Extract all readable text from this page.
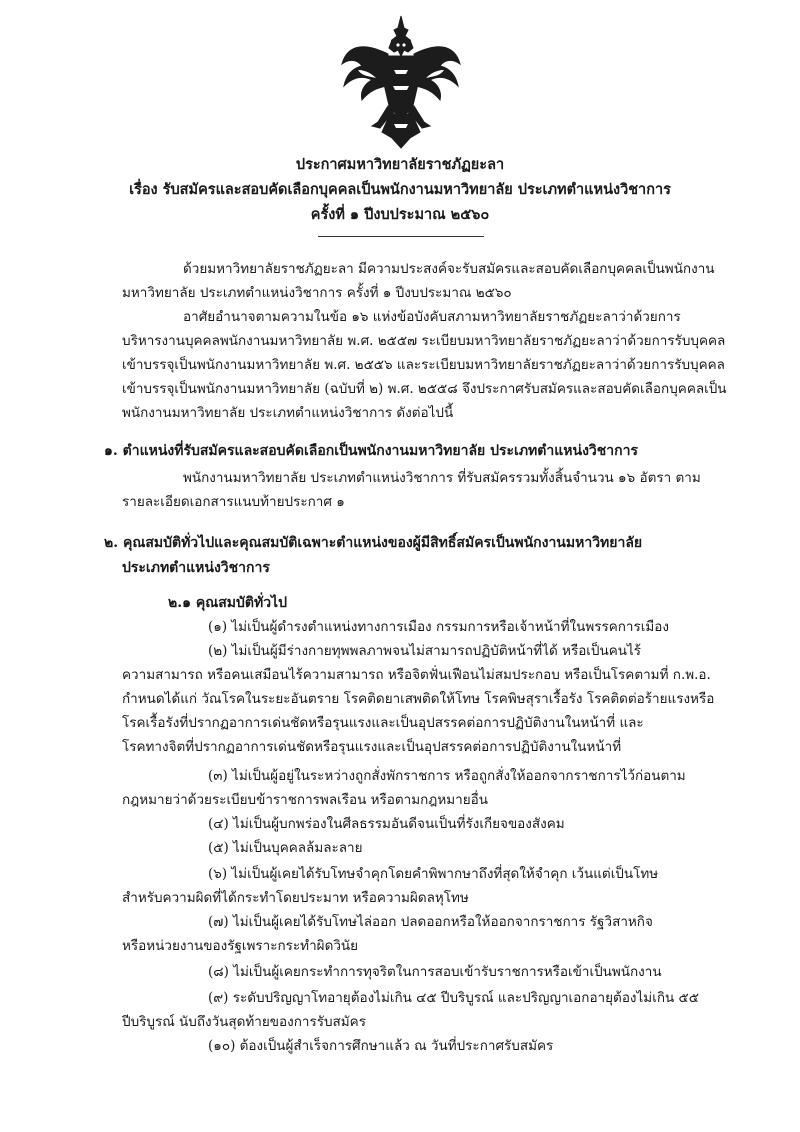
ประกาศมหาวิทยาลัยราชภัฏยะลา
เรื่อง รับสมัครและสอบคัดเลือกบุคคลเป็นพนักงานมหาวิทยาลัย ประเภทตำแหน่งวิชาการ
ครั้งที่ ๑ ปีงบประมาณ ๒๕๖๐
ด้วยมหาวิทยาลัยราชภัฏยะลา มีความประสงค์จะรับสมัครและสอบคัดเลือกบุคคลเป็นพนักงาน
มหาวิทยาลัย ประเภทตำแหน่งวิชาการ ครั้งที่ ๑ ปีงบประมาณ ๒๕๖๐
อาศัยอำนาจตามความในข้อ ๑๖ แห่งข้อบังคับสภามหาวิทยาลัยราชภัฏยะลาว่าด้วยการ
บริหารงานบุคคลพนักงานมหาวิทยาลัย พ.ศ. ๒๕๕๗ ระเบียบมหาวิทยาลัยราชภัฏยะลาว่าด้วยการรับบุคคล
เข้าบรรจุเป็นพนักงานมหาวิทยาลัย พ.ศ. ๒๕๕๖ และระเบียบมหาวิทยาลัยราชภัฏยะลาว่าด้วยการรับบุคคล
เข้าบรรจุเป็นพนักงานมหาวิทยาลัย (ฉบับที่ ๒) พ.ศ. ๒๕๕๘ จึงประกาศรับสมัครและสอบคัดเลือกบุคคลเป็น
พนักงานมหาวิทยาลัย ประเภทตำแหน่งวิชาการ ดังต่อไปนี้
๑. ตำแหน่งที่รับสมัครและสอบคัดเลือกเป็นพนักงานมหาวิทยาลัย ประเภทตำแหน่งวิชาการ
พนักงานมหาวิทยาลัย ประเภทตำแหน่งวิชาการ ที่รับสมัครรวมทั้งสิ้นจำนวน ๑๖ อัตรา ตาม
รายละเอียดเอกสารแนบท้ายประกาศ ๑
๒. คุณสมบัติทั่วไปและคุณสมบัติเฉพาะตำแหน่งของผู้มีสิทธิ์สมัครเป็นพนักงานมหาวิทยาลัย
ประเภทตำแหน่งวิชาการ
๒.๑ คุณสมบัติทั่วไป
(๑) ไม่เป็นผู้ดำรงตำแหน่งทางการเมือง กรรมการหรือเจ้าหน้าที่ในพรรคการเมือง
(๒) ไม่เป็นผู้มีร่างกายทุพพลภาพจนไม่สามารถปฏิบัติหน้าที่ได้ หรือเป็นคนไร้
ความสามารถ หรือคนเสมือนไร้ความสามารถ หรือจิตฟั่นเฟือนไม่สมประกอบ หรือเป็นโรคตามที่ ก.พ.อ.
กำหนดได้แก่ วัณโรคในระยะอันตราย โรคติดยาเสพติดให้โทษ โรคพิษสุราเรื้อรัง โรคติดต่อร้ายแรงหรือ
โรคเรื้อรังที่ปรากฏอาการเด่นชัดหรือรุนแรงและเป็นอุปสรรคต่อการปฏิบัติงานในหน้าที่ และ
โรคทางจิตที่ปรากฏอาการเด่นชัดหรือรุนแรงและเป็นอุปสรรคต่อการปฏิบัติงานในหน้าที่
(๓) ไม่เป็นผู้อยู่ในระหว่างถูกสั่งพักราชการ หรือถูกสั่งให้ออกจากราชการไว้ก่อนตาม
กฎหมายว่าด้วยระเบียบข้าราชการพลเรือน หรือตามกฎหมายอื่น
(๔) ไม่เป็นผู้บกพร่องในศีลธรรมอันดีจนเป็นที่รังเกียจของสังคม
(๕) ไม่เป็นบุคคลล้มละลาย
(๖) ไม่เป็นผู้เคยได้รับโทษจำคุกโดยคำพิพากษาถึงที่สุดให้จำคุก เว้นแต่เป็นโทษ
สำหรับความผิดที่ได้กระทำโดยประมาท หรือความผิดลหุโทษ
(๗) ไม่เป็นผู้เคยได้รับโทษไล่ออก ปลดออกหรือให้ออกจากราชการ รัฐวิสาหกิจ
หรือหน่วยงานของรัฐเพราะกระทำผิดวินัย
(๘) ไม่เป็นผู้เคยกระทำการทุจริตในการสอบเข้ารับราชการหรือเข้าเป็นพนักงาน
(๙) ระดับปริญญาโทอายุต้องไม่เกิน ๔๕ ปีบริบูรณ์ และปริญญาเอกอายุต้องไม่เกิน ๕๕
ปีบริบูรณ์ นับถึงวันสุดท้ายของการรับสมัคร
(๑๐) ต้องเป็นผู้สำเร็จการศึกษาแล้ว ณ วันที่ประกาศรับสมัคร
